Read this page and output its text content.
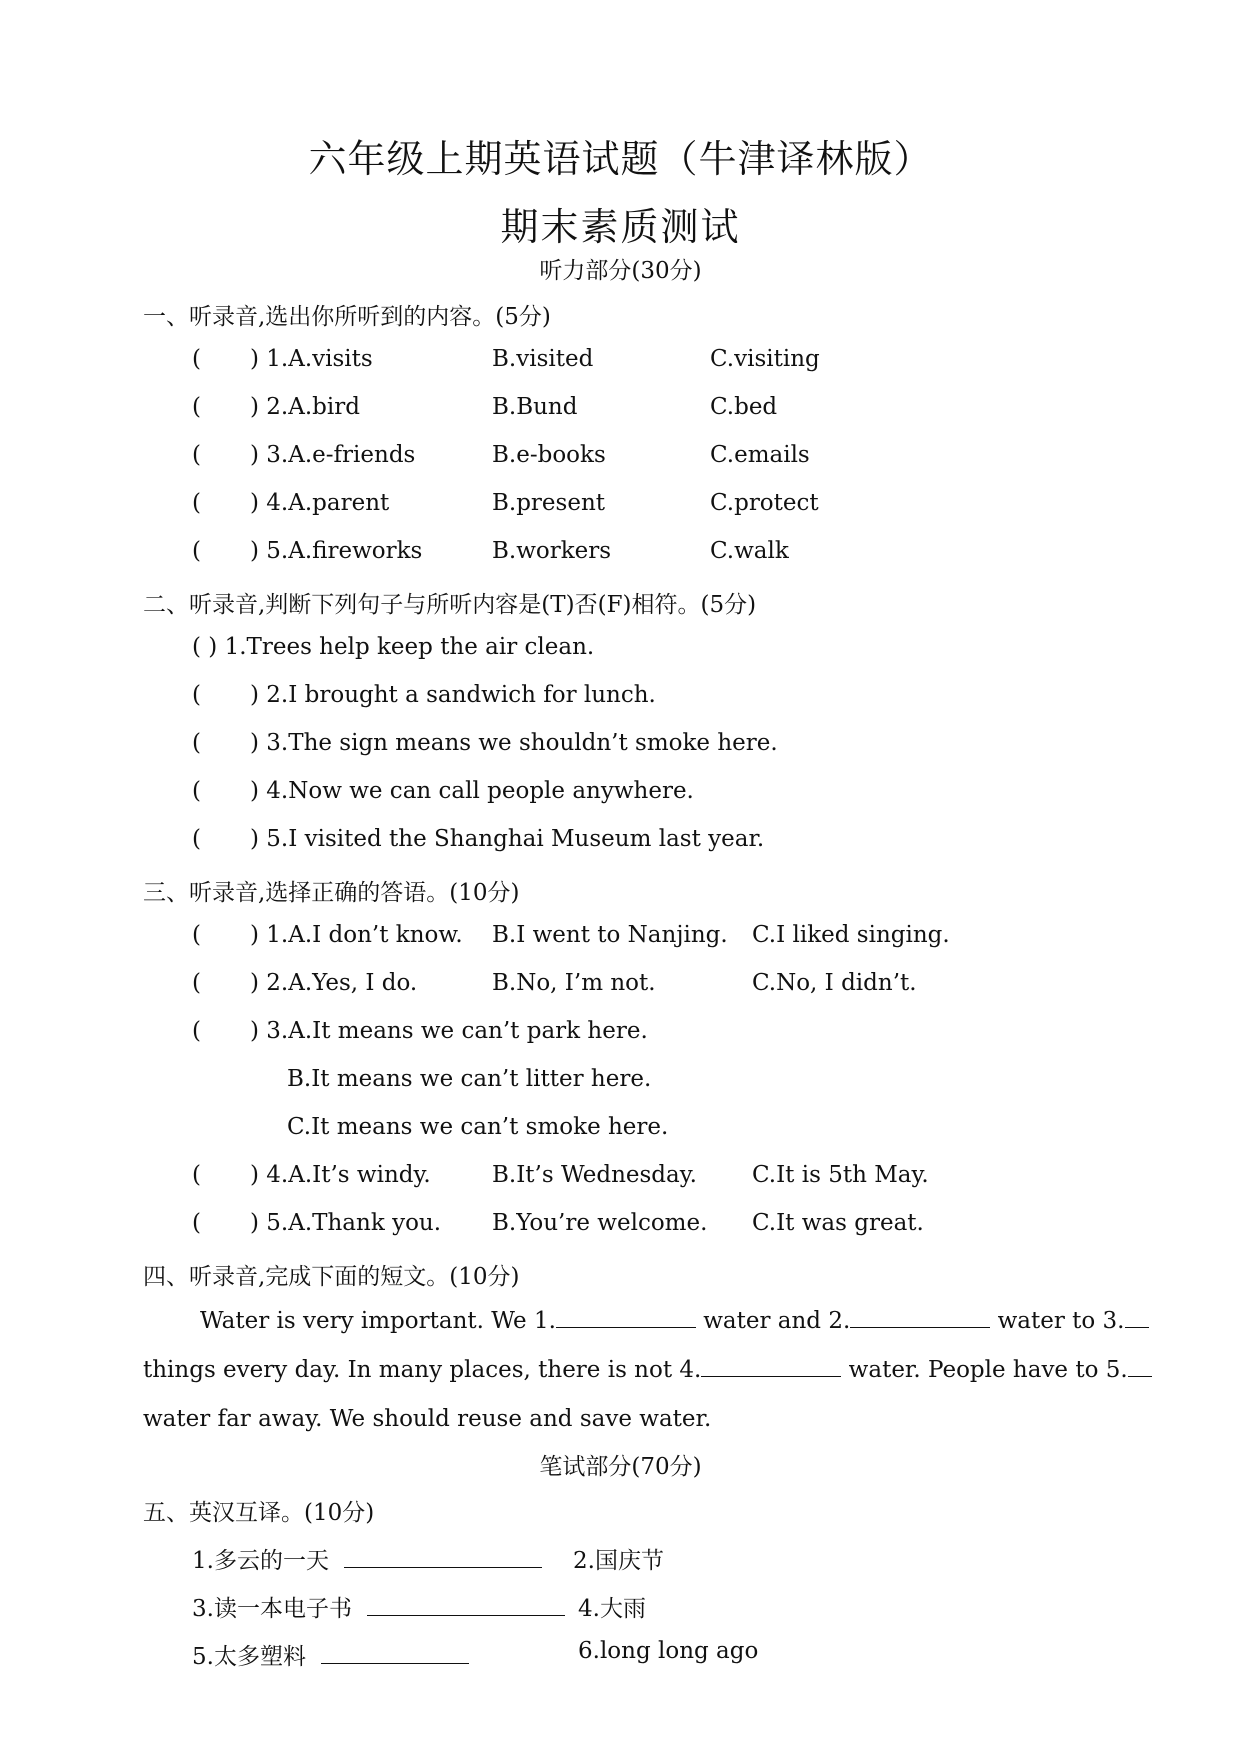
六年级上期英语试题（牛津译林版）
期末素质测试
听力部分(30分)
一、听录音,选出你所听到的内容。(5分)
( ) 1.A.visits	B.visited	C.visiting
( ) 2.A.bird	B.Bund	C.bed
( ) 3.A.e-friends	B.e-books	C.emails
( ) 4.A.parent	B.present	C.protect
( ) 5.A.fireworks	B.workers	C.walk
二、听录音,判断下列句子与所听内容是(T)否(F)相符。(5分)
( ) 1.Trees help keep the air clean.
( ) 2.I brought a sandwich for lunch.
( ) 3.The sign means we shouldn’t smoke here.
( ) 4.Now we can call people anywhere.
( ) 5.I visited the Shanghai Museum last year.
三、听录音,选择正确的答语。(10分)
( ) 1.A.I don’t know. B.I went to Nanjing. C.I liked singing.
( ) 2.A.Yes, I do.	B.No, I’m not.	C.No, I didn’t.
( ) 3.A.It means we can’t park here.
B.It means we can’t litter here.
C.It means we can’t smoke here.
( ) 4.A.It’s windy.	B.It’s Wednesday. C.It is 5th May.
( ) 5.A.Thank you. B.You’re welcome. C.It was great.
四、听录音,完成下面的短文。(10分)
Water is very important. We 1.	water and 2.	water to 3.
things every day. In many places, there is not 4.	water. People have to 5.
water far away. We should reuse and save water.
笔试部分(70分)
五、英汉互译。(10分)
1.多云的一天	2.国庆节
3.读一本电子书	4.大雨
5.太多塑料	6.long long ago
